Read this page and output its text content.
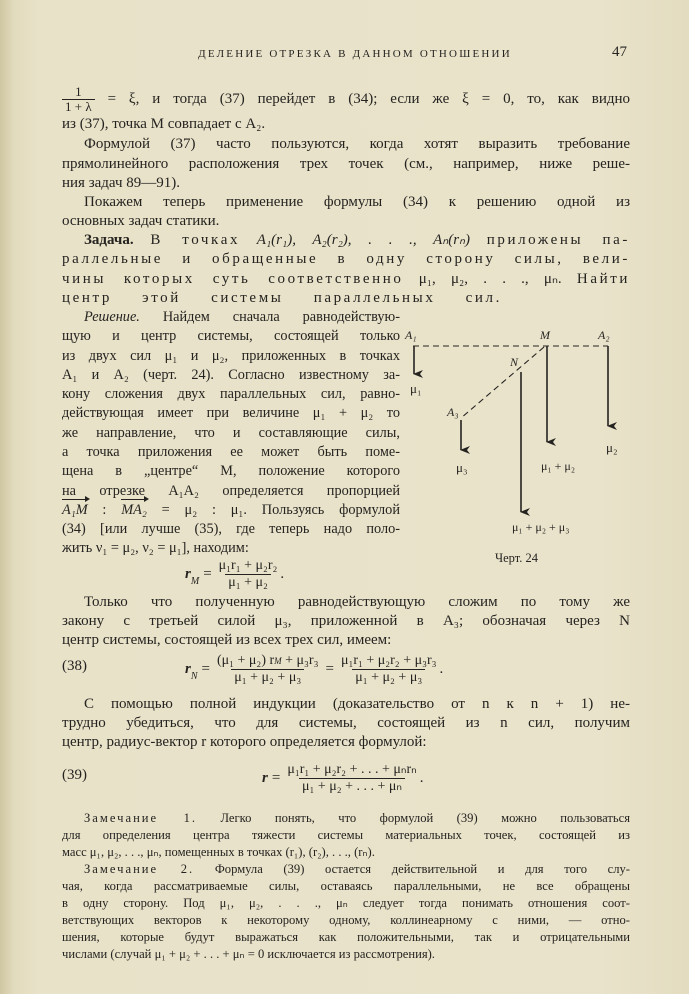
ДЕЛЕНИЕ ОТРЕЗКА В ДАННОМ ОТНОШЕНИИ	47
$\frac{1}{1 + \lambda} = \xi$, и тогда (37) перейдет в (34); если же ξ = 0, то, как видно
из (37), точка M совпадает с A₂.
Формулой (37) часто пользуются, когда хотят выразить требование
прямолинейного расположения трех точек (см., например, ниже реше-
ния задач 89—91).
Покажем теперь применение формулы (34) к решению одной из
основных задач статики.
Задача. В точках A₁(r₁), A₂(r₂), . . ., Aₙ(rₙ) приложены па-
раллельные и обращенные в одну сторону силы, вели-
чины которых суть соответственно μ₁, μ₂, . . ., μₙ. Найти
центр этой системы параллельных сил.
Решение. Найдем сначала равнодействую-
щую и центр системы, состоящей только
из двух сил μ₁ и μ₂, приложенных в точках
A₁ и A₂ (черт. 24). Согласно известному за-
кону сложения двух параллельных сил, равно-
действующая имеет при величине μ₁ + μ₂ то
же направление, что и составляющие силы,
а точка приложения ее может быть поме-
щена в „центре“ M, положение которого
на отрезке A₁A₂ определяется пропорцией
A₁M : MA₂ = μ₂ : μ₁. Пользуясь формулой
(34) [или лучше (35), где теперь надо поло-
жить ν₁ = μ₂, ν₂ = μ₁], находим:
r $M = \frac{\text{μ₁r₁ + μ₂r₂}}{\text{μ₁ + μ₂}}$ .
Только что полученную равнодействующую сложим по тому же
закону с третьей силой μ₃, приложенной в A₃; обозначая через N
центр системы, состоящей из всех трех сил, имеем:
(38)	r $N = \frac{\text{(μ₁ + μ₂) rM + μ₃r₃}}{\text{μ₁ + μ₂ + μ₃}} = \frac{\text{μ₁r₁ + μ₂r₂ + μ₃r₃}}{\text{μ₁ + μ₂ + μ₃}}$ .
С помощью полной индукции (доказательство от n к n + 1) не-
трудно убедиться, что для системы, состоящей из n сил, получим
центр, радиус-вектор r которого определяется формулой:
(39)	$r = \frac{\text{μ₁r₁ + μ₂r₂ + . . . + μₙrₙ}}{\text{μ₁ + μ₂ + . . . + μₙ}}$ .
Замечание 1. Легко понять, что формулой (39) можно пользоваться
для определения центра тяжести системы материальных точек, состоящей из
масс μ₁, μ₂, . . ., μₙ, помещенных в точках (r₁), (r₂), . . ., (rₙ).
Замечание 2. Формула (39) остается действительной и для того слу-
чая, когда рассматриваемые силы, оставаясь параллельными, не все обращены
в одну сторону. Под μ₁, μ₂, . . ., μₙ следует тогда понимать отношения соот-
ветствующих векторов к некоторому одному, коллинеарному с ними, — отно-
шения, которые будут выражаться как положительными, так и отрицательными
числами (случай μ₁ + μ₂ + . . . + μₙ = 0 исключается из рассмотрения).
A₁	M	A₂
N
A₃
μ₁
μ₂
μ₃	μ₁ + μ₂
μ₁ + μ₂ + μ₃
Черт. 24
